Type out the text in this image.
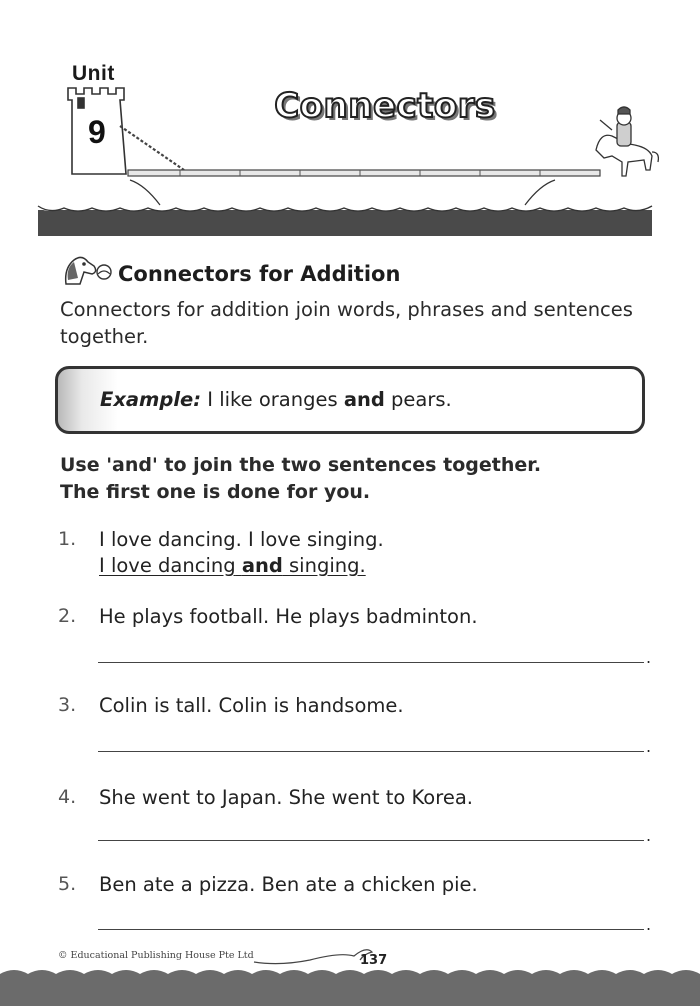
Unit
9
Connectors
Connectors for Addition
Connectors for addition join words, phrases and sentences together.
Example: I like oranges and pears.
Use 'and' to join the two sentences together.
The first one is done for you.
1. I love dancing. I love singing.
I love dancing and singing.
2. He plays football. He plays badminton.
.
3. Colin is tall. Colin is handsome.
.
4. She went to Japan. She went to Korea.
.
5. Ben ate a pizza. Ben ate a chicken pie.
.
© Educational Publishing House Pte Ltd	137
